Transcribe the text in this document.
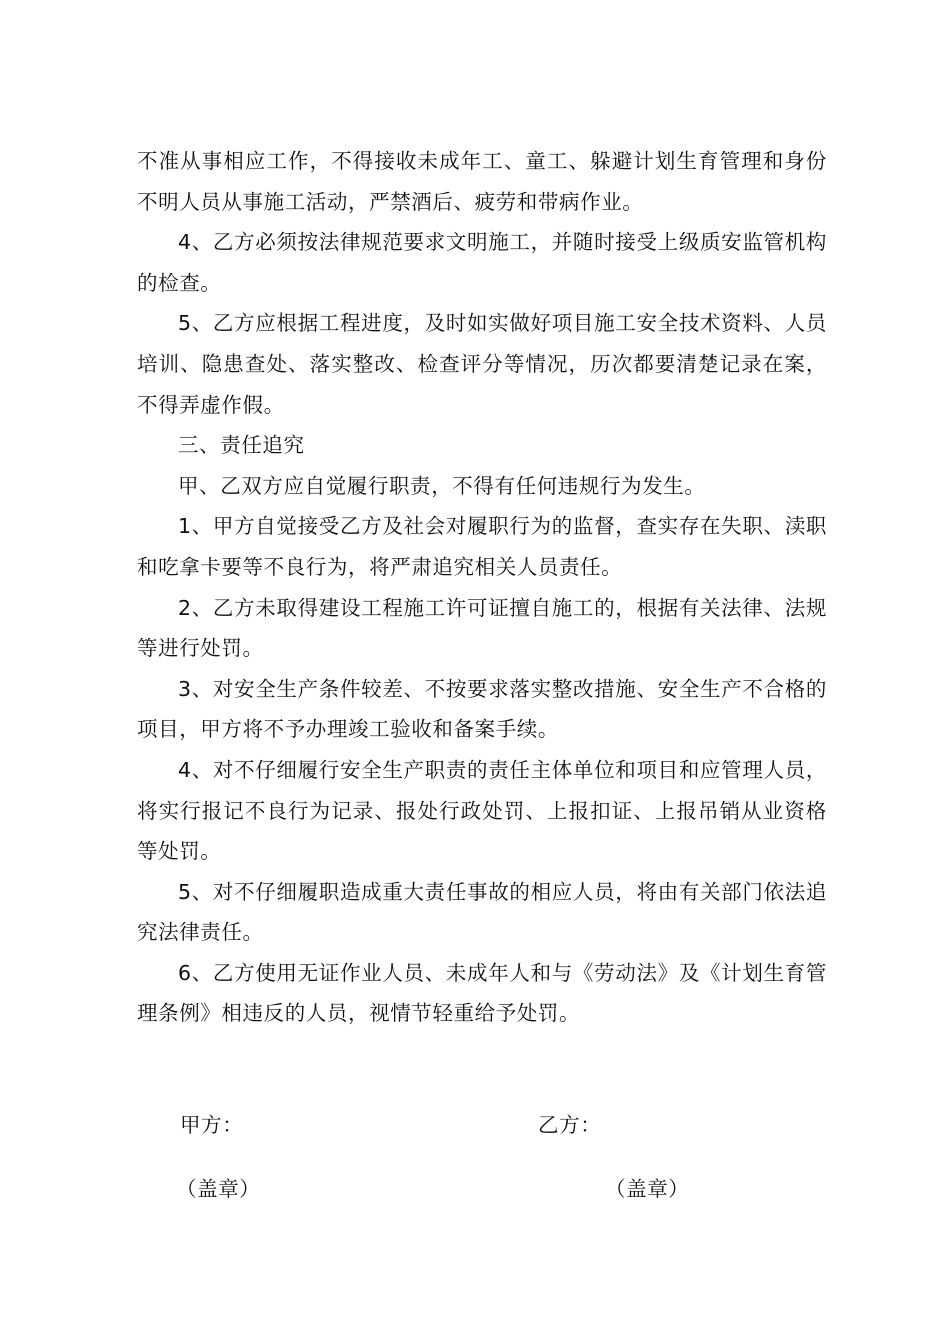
不准从事相应工作，不得接收未成年工、童工、躲避计划生育管理和身份不明人员从事施工活动，严禁酒后、疲劳和带病作业。

4、乙方必须按法律规范要求文明施工，并随时接受上级质安监管机构的检查。

5、乙方应根据工程进度，及时如实做好项目施工安全技术资料、人员培训、隐患查处、落实整改、检查评分等情况，历次都要清楚记录在案，不得弄虚作假。

三、责任追究

甲、乙双方应自觉履行职责，不得有任何违规行为发生。

1、甲方自觉接受乙方及社会对履职行为的监督，查实存在失职、渎职和吃拿卡要等不良行为，将严肃追究相关人员责任。

2、乙方未取得建设工程施工许可证擅自施工的，根据有关法律、法规等进行处罚。

3、对安全生产条件较差、不按要求落实整改措施、安全生产不合格的项目，甲方将不予办理竣工验收和备案手续。

4、对不仔细履行安全生产职责的责任主体单位和项目和应管理人员，将实行报记不良行为记录、报处行政处罚、上报扣证、上报吊销从业资格等处罚。

5、对不仔细履职造成重大责任事故的相应人员，将由有关部门依法追究法律责任。

6、乙方使用无证作业人员、未成年人和与《劳动法》及《计划生育管理条例》相违反的人员，视情节轻重给予处罚。

甲方：	乙方：
（盖章）	（盖章）
